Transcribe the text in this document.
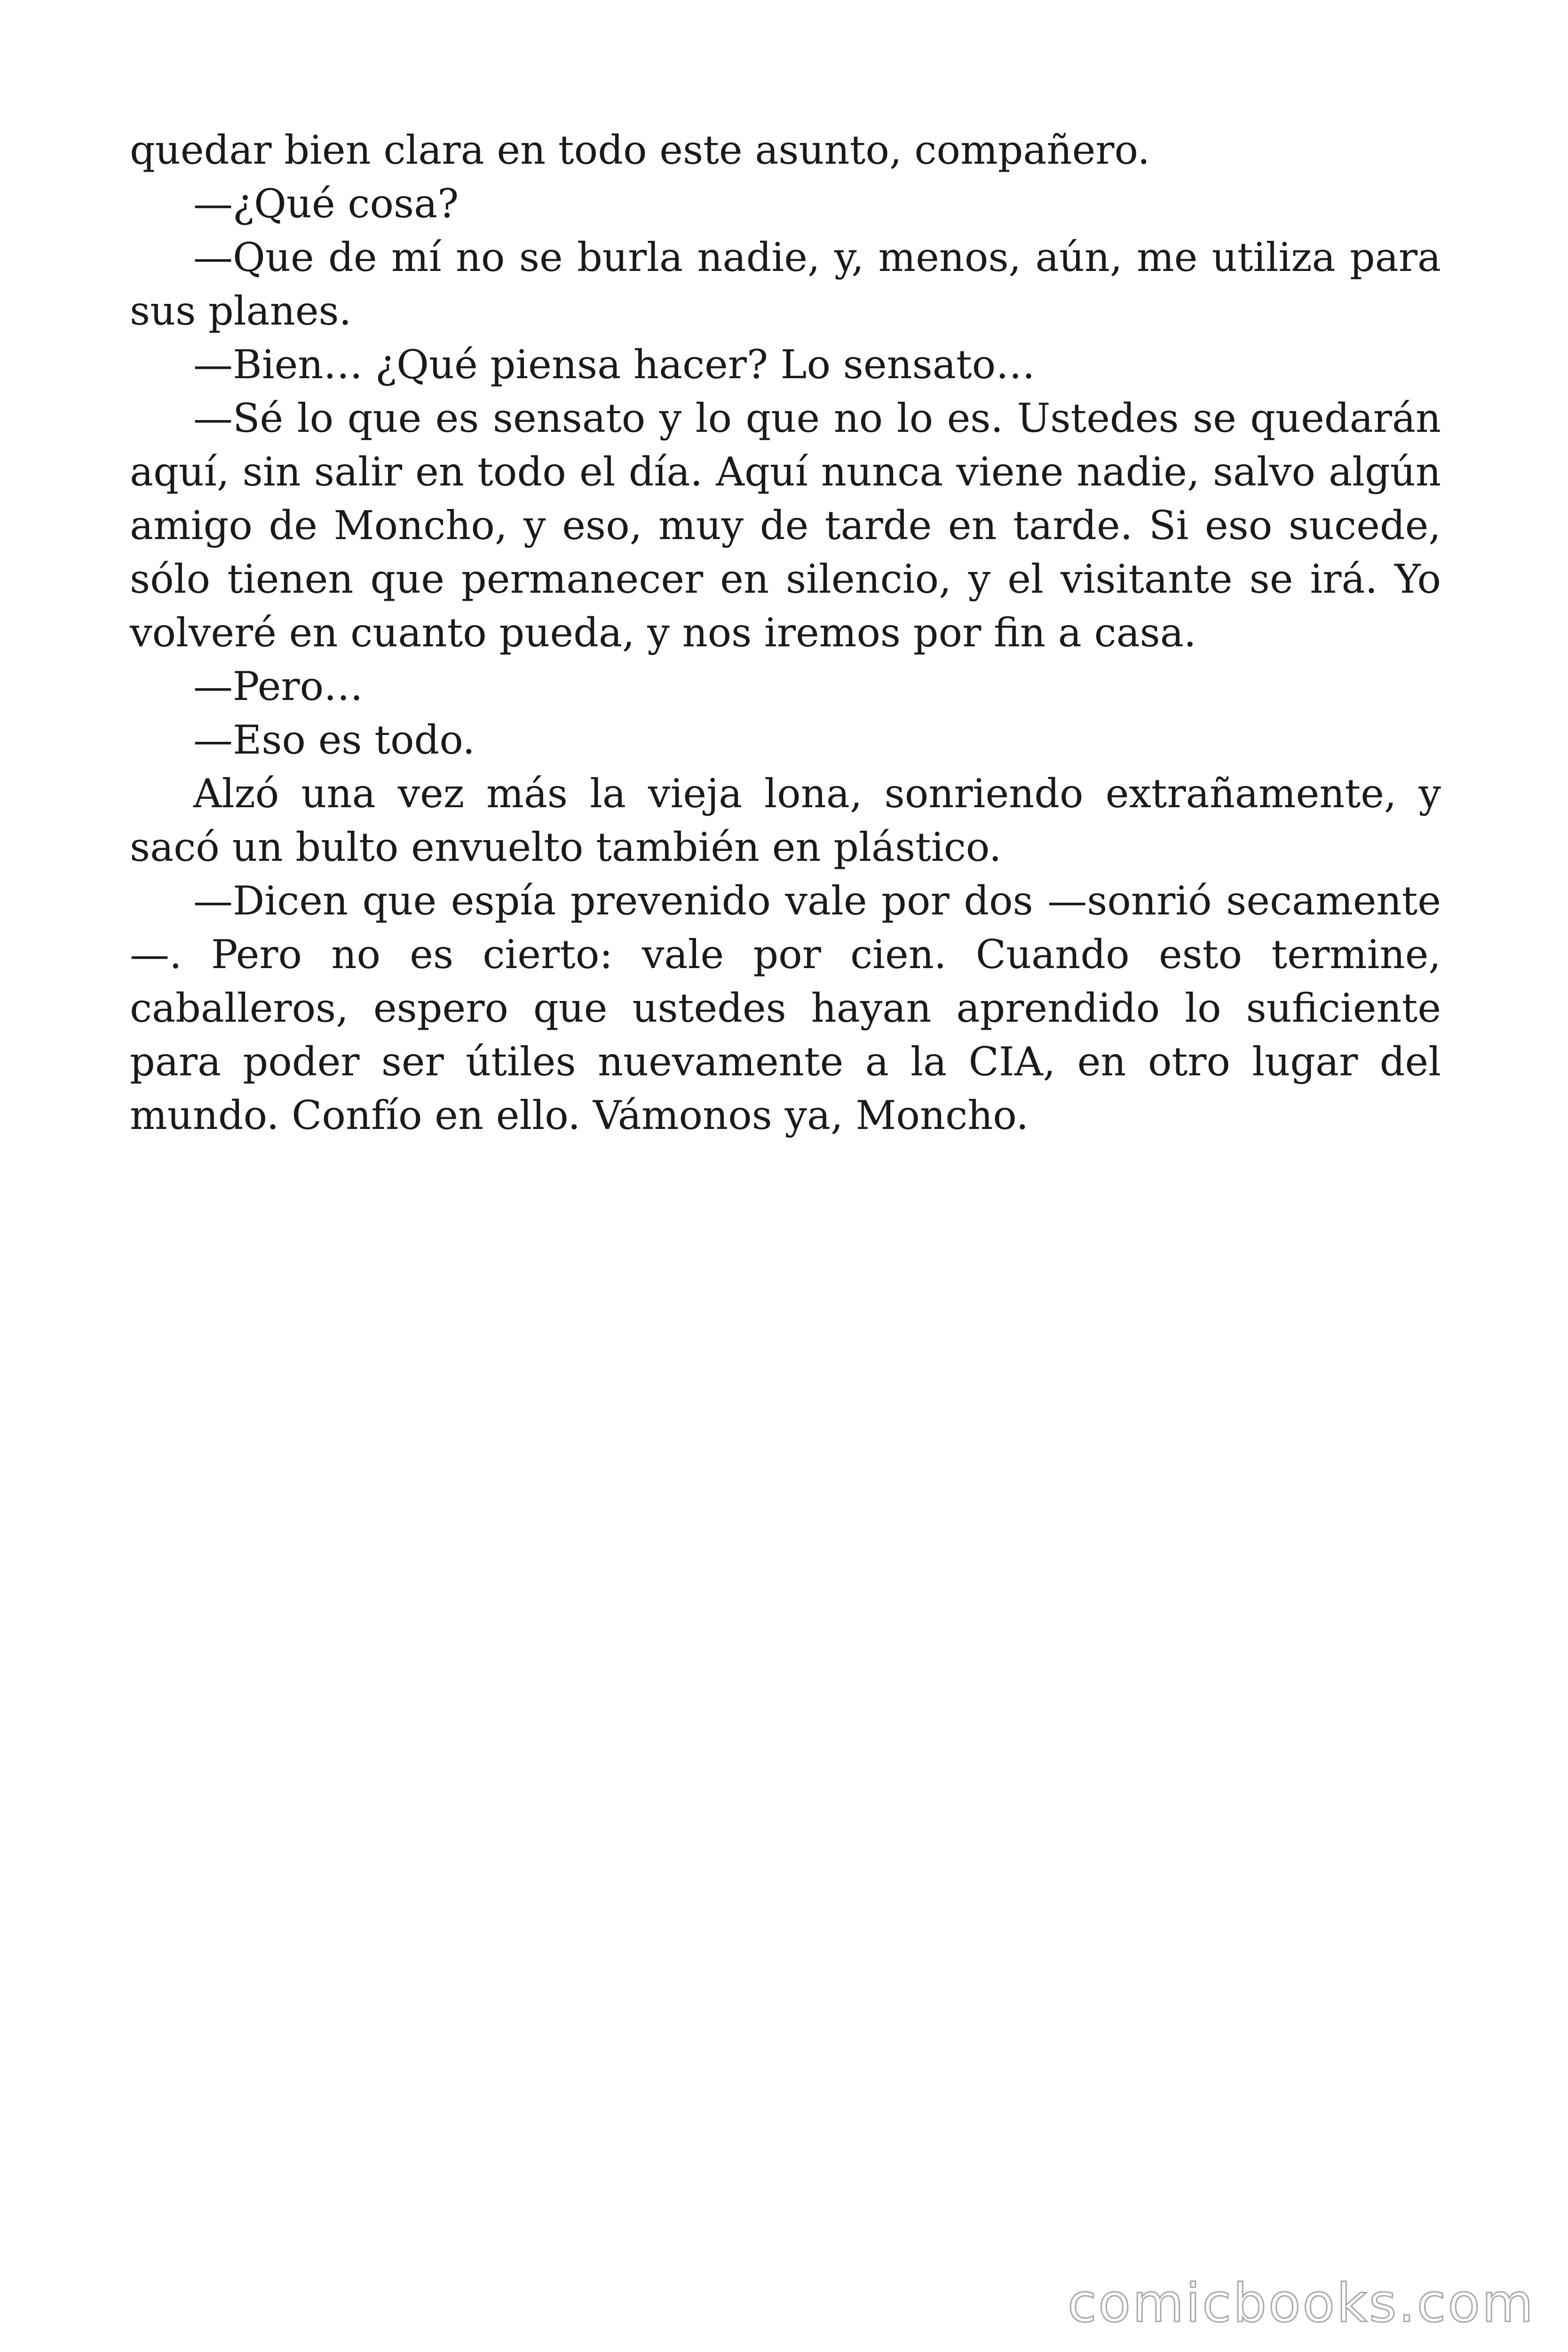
quedar bien clara en todo este asunto, compañero.

—¿Qué cosa?

—Que de mí no se burla nadie, y, menos, aún, me utiliza para sus planes.

—Bien… ¿Qué piensa hacer? Lo sensato…

—Sé lo que es sensato y lo que no lo es. Ustedes se quedarán aquí, sin salir en todo el día. Aquí nunca viene nadie, salvo algún amigo de Moncho, y eso, muy de tarde en tarde. Si eso sucede, sólo tienen que permanecer en silencio, y el visitante se irá. Yo volveré en cuanto pueda, y nos iremos por fin a casa.

—Pero…

—Eso es todo.

Alzó una vez más la vieja lona, sonriendo extrañamente, y sacó un bulto envuelto también en plástico.

—Dicen que espía prevenido vale por dos —sonrió secamente—. Pero no es cierto: vale por cien. Cuando esto termine, caballeros, espero que ustedes hayan aprendido lo suficiente para poder ser útiles nuevamente a la CIA, en otro lugar del mundo. Confío en ello. Vámonos ya, Moncho.

comicbooks.com
